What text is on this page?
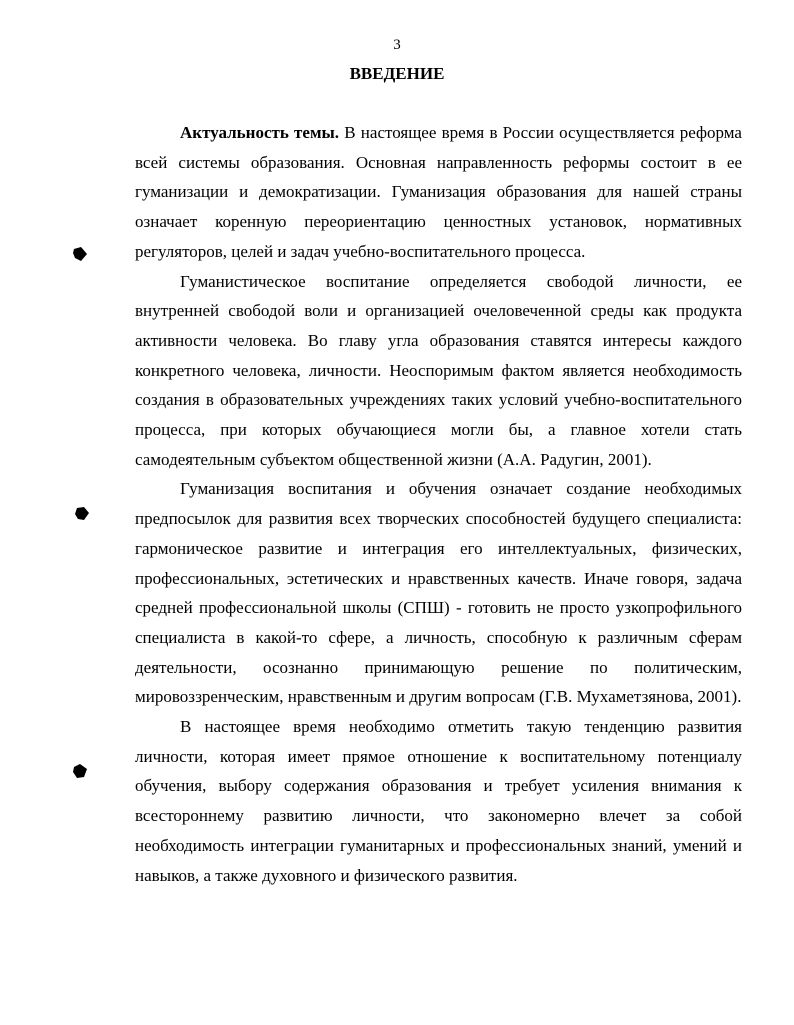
3
ВВЕДЕНИЕ

Актуальность темы. В настоящее время в России осуществляется реформа всей системы образования. Основная направленность реформы состоит в ее гуманизации и демократизации. Гуманизация образования для нашей страны означает коренную переориентацию ценностных установок, нормативных регуляторов, целей и задач учебно-воспитательного процесса.

Гуманистическое воспитание определяется свободой личности, ее внутренней свободой воли и организацией очеловеченной среды как продукта активности человека. Во главу угла образования ставятся интересы каждого конкретного человека, личности. Неоспоримым фактом является необходимость создания в образовательных учреждениях таких условий учебно-воспитательного процесса, при которых обучающиеся могли бы, а главное хотели стать самодеятельным субъектом общественной жизни (А.А. Радугин, 2001).

Гуманизация воспитания и обучения означает создание необходимых предпосылок для развития всех творческих способностей будущего специалиста: гармоническое развитие и интеграция его интеллектуальных, физических, профессиональных, эстетических и нравственных качеств. Иначе говоря, задача средней профессиональной школы (СПШ) - готовить не просто узкопрофильного специалиста в какой-то сфере, а личность, способную к различным сферам деятельности, осознанно принимающую решение по политическим, мировоззренческим, нравственным и другим вопросам (Г.В. Мухаметзянова, 2001).

В настоящее время необходимо отметить такую тенденцию развития личности, которая имеет прямое отношение к воспитательному потенциалу обучения, выбору содержания образования и требует усиления внимания к всестороннему развитию личности, что закономерно влечет за собой необходимость интеграции гуманитарных и профессиональных знаний, умений и навыков, а также духовного и физического развития.
